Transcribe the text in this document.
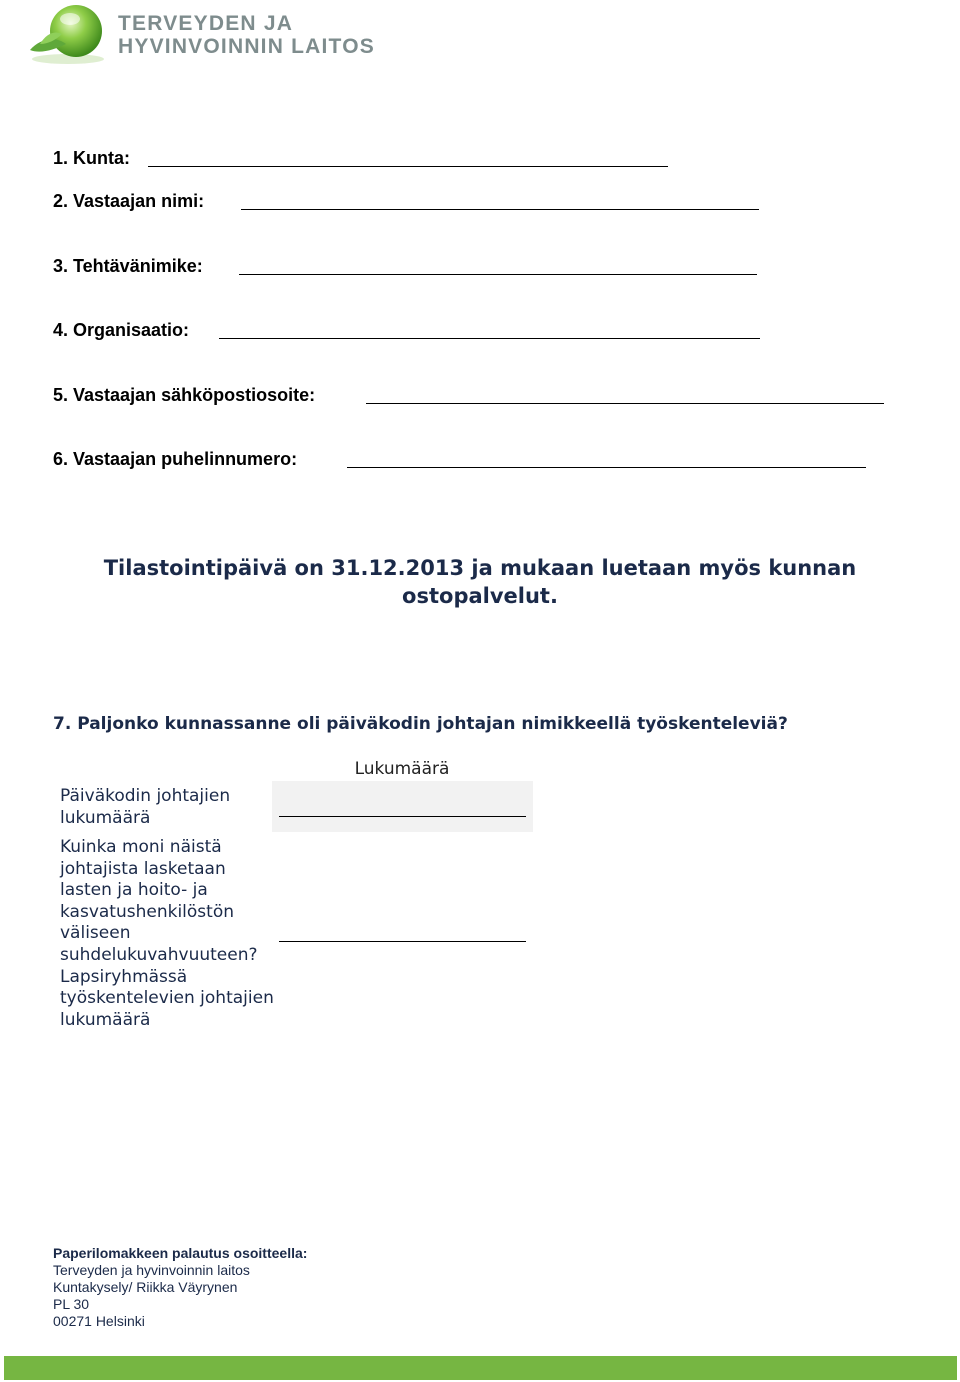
TERVEYDEN JA
HYVINVOINNIN LAITOS
1. Kunta:
2. Vastaajan nimi:
3. Tehtävänimike:
4. Organisaatio:
5. Vastaajan sähköpostiosoite:
6. Vastaajan puhelinnumero:
Tilastointipäivä on 31.12.2013 ja mukaan luetaan myös kunnan
ostopalvelut.
7. Paljonko kunnassanne oli päiväkodin johtajan nimikkeellä työskenteleviä?
Lukumäärä
Päiväkodin johtajien lukumäärä
Kuinka moni näistä johtajista lasketaan lasten ja hoito- ja kasvatushenkilöstön väliseen suhdelukuvahvuuteen? Lapsiryhmässä työskentelevien johtajien lukumäärä
Paperilomakkeen palautus osoitteella:
Terveyden ja hyvinvoinnin laitos
Kuntakysely/ Riikka Väyrynen
PL 30
00271 Helsinki
